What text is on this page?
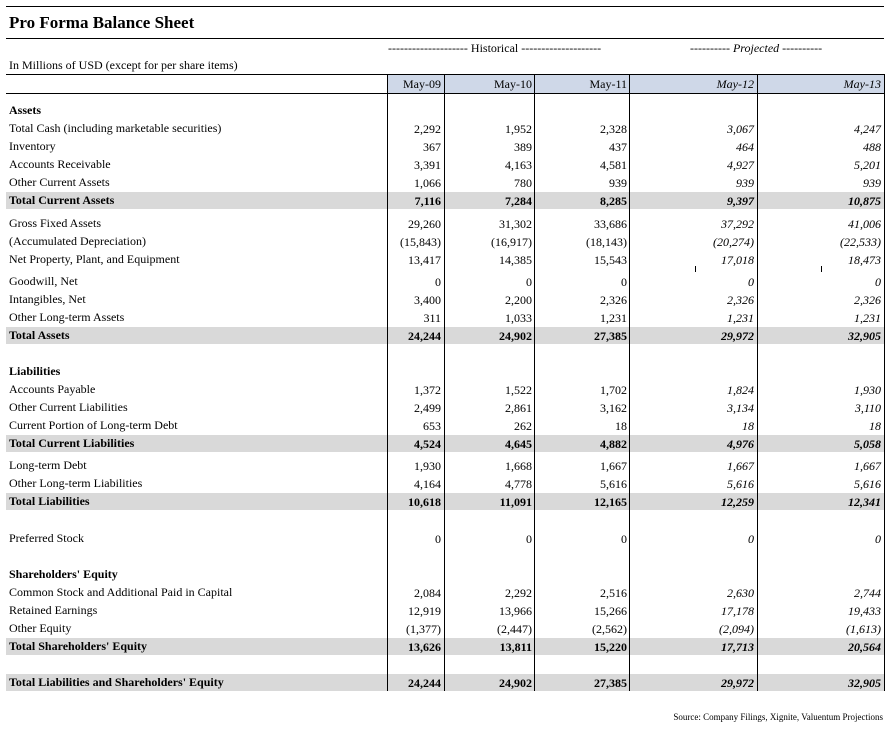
Pro Forma Balance Sheet
-------------------- Historical --------------------	---------- Projected ----------
In Millions of USD (except for per share items)
May-09	May-10	May-11	May-12	May-13
Assets
Total Cash (including marketable securities)	2,292	1,952	2,328	3,067	4,247
Inventory	367	389	437	464	488
Accounts Receivable	3,391	4,163	4,581	4,927	5,201
Other Current Assets	1,066	780	939	939	939
Total Current Assets	7,116	7,284	8,285	9,397	10,875
Gross Fixed Assets	29,260	31,302	33,686	37,292	41,006
(Accumulated Depreciation)	(15,843)	(16,917)	(18,143)	(20,274)	(22,533)
Net Property, Plant, and Equipment	13,417	14,385	15,543	17,018	18,473
Goodwill, Net	0	0	0	0	0
Intangibles, Net	3,400	2,200	2,326	2,326	2,326
Other Long-term Assets	311	1,033	1,231	1,231	1,231
Total Assets	24,244	24,902	27,385	29,972	32,905
Liabilities
Accounts Payable	1,372	1,522	1,702	1,824	1,930
Other Current Liabilities	2,499	2,861	3,162	3,134	3,110
Current Portion of Long-term Debt	653	262	18	18	18
Total Current Liabilities	4,524	4,645	4,882	4,976	5,058
Long-term Debt	1,930	1,668	1,667	1,667	1,667
Other Long-term Liabilities	4,164	4,778	5,616	5,616	5,616
Total Liabilities	10,618	11,091	12,165	12,259	12,341
Preferred Stock	0	0	0	0	0
Shareholders' Equity
Common Stock and Additional Paid in Capital	2,084	2,292	2,516	2,630	2,744
Retained Earnings	12,919	13,966	15,266	17,178	19,433
Other Equity	(1,377)	(2,447)	(2,562)	(2,094)	(1,613)
Total Shareholders' Equity	13,626	13,811	15,220	17,713	20,564
Total Liabilities and Shareholders' Equity	24,244	24,902	27,385	29,972	32,905
Source: Company Filings, Xignite, Valuentum Projections
